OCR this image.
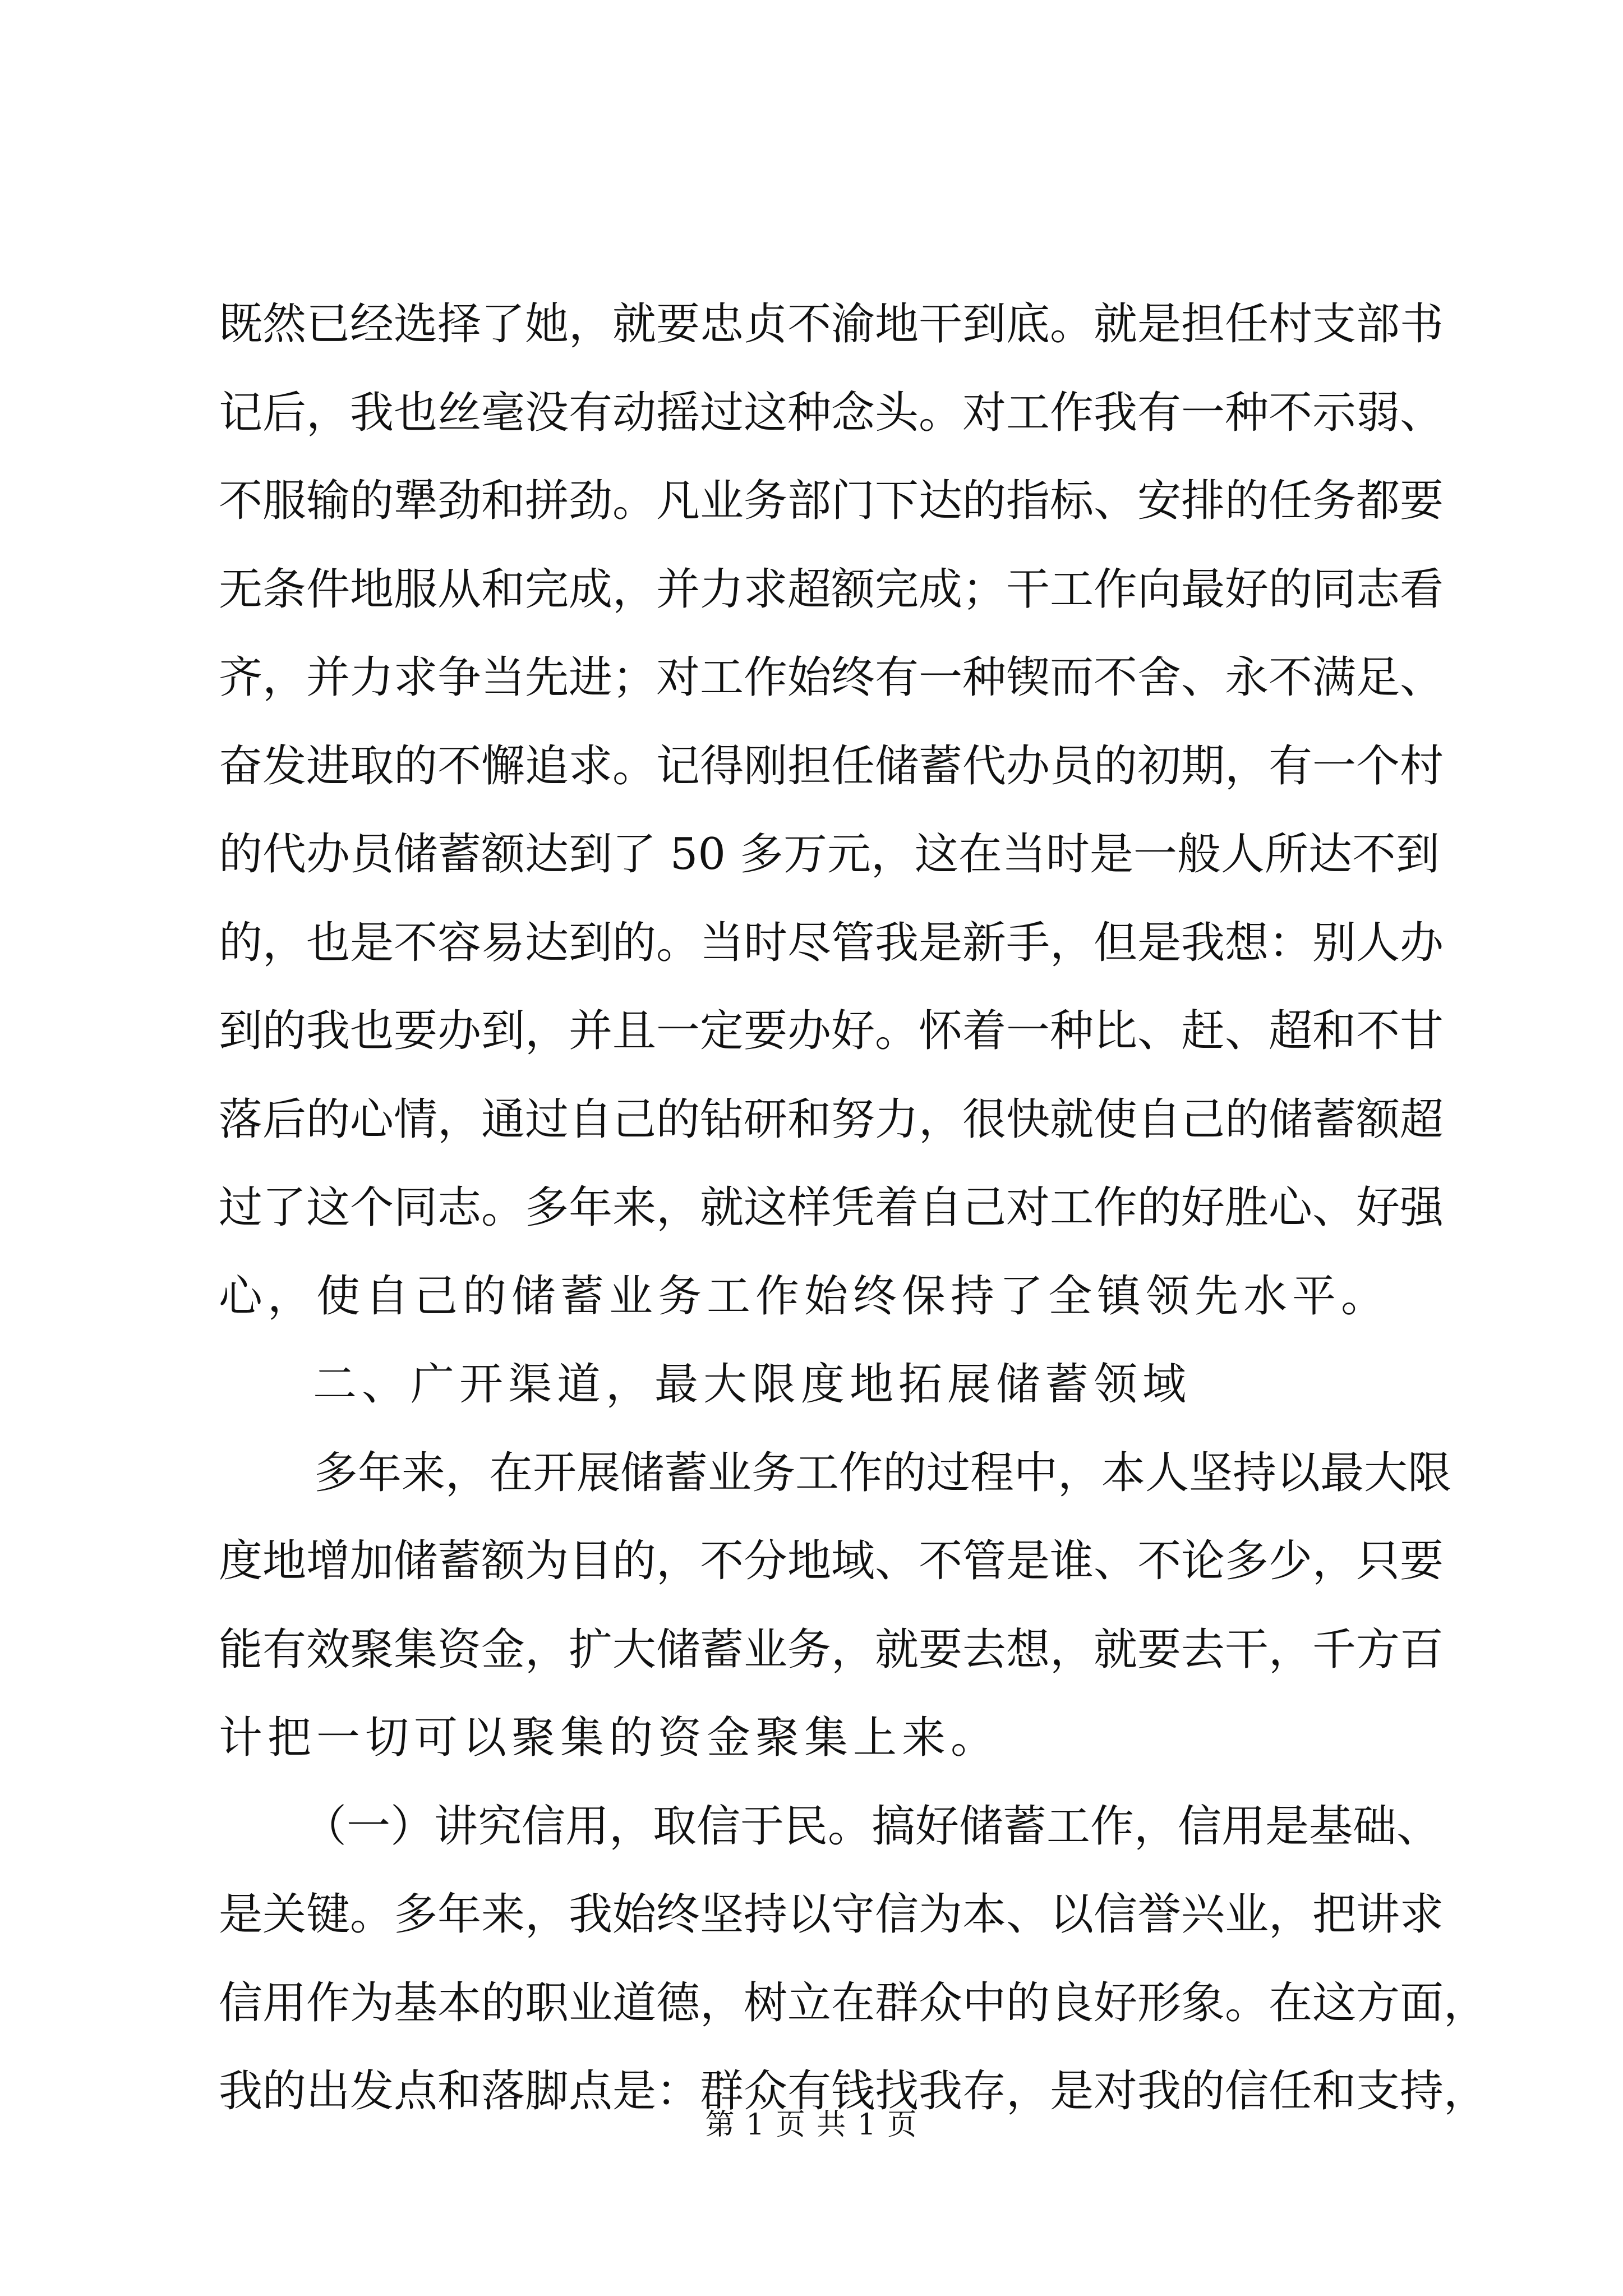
既然已经选择了她，就要忠贞不渝地干到底。就是担任村支部书
记后，我也丝毫没有动摇过这种念头。对工作我有一种不示弱、
不服输的犟劲和拼劲。凡业务部门下达的指标、安排的任务都要
无条件地服从和完成，并力求超额完成；干工作向最好的同志看
齐，并力求争当先进；对工作始终有一种锲而不舍、永不满足、
奋发进取的不懈追求。记得刚担任储蓄代办员的初期，有一个村
的代办员储蓄额达到了 50 多万元，这在当时是一般人所达不到
的，也是不容易达到的。当时尽管我是新手，但是我想：别人办
到的我也要办到，并且一定要办好。怀着一种比、赶、超和不甘
落后的心情，通过自己的钻研和努力，很快就使自己的储蓄额超
过了这个同志。多年来，就这样凭着自己对工作的好胜心、好强
心，使自己的储蓄业务工作始终保持了全镇领先水平。
二、广开渠道，最大限度地拓展储蓄领域
多年来，在开展储蓄业务工作的过程中，本人坚持以最大限
度地增加储蓄额为目的，不分地域、不管是谁、不论多少，只要
能有效聚集资金，扩大储蓄业务，就要去想，就要去干，千方百
计把一切可以聚集的资金聚集上来。
（一）讲究信用，取信于民。搞好储蓄工作，信用是基础、
是关键。多年来，我始终坚持以守信为本、以信誉兴业，把讲求
信用作为基本的职业道德，树立在群众中的良好形象。在这方面，
我的出发点和落脚点是：群众有钱找我存，是对我的信任和支持，
第 1 页 共 1 页
